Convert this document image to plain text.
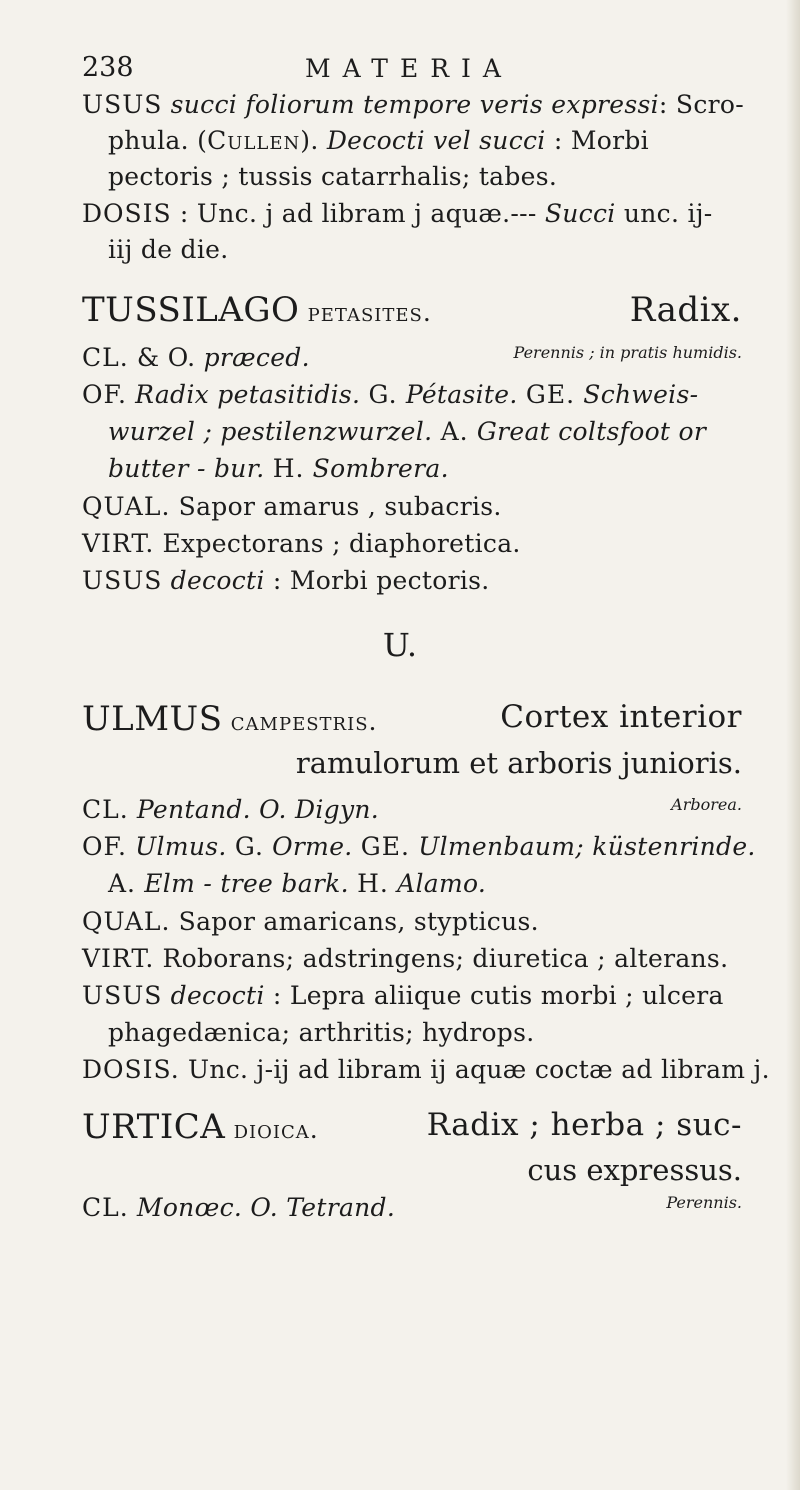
238	MATERIA
USUS succi foliorum tempore veris expressi: Scro-
phula. (Cullen). Decocti vel succi : Morbi
pectoris ; tussis catarrhalis; tabes.
DOSIS : Unc. j ad libram j aquæ.--- Succi unc. ij-
iij de die.
TUSSILAGO petasites.	Radix.
CL. & O. præced.	Perennis ; in pratis humidis.
OF. Radix petasitidis. G. Pétasite. GE. Schweis-
wurzel ; pestilenzwurzel. A. Great coltsfoot or
butter - bur. H. Sombrera.
QUAL. Sapor amarus , subacris.
VIRT. Expectorans ; diaphoretica.
USUS decocti : Morbi pectoris.
U.
ULMUS campestris.	Cortex interior
ramulorum et arboris junioris.
CL. Pentand. O. Digyn.	Arborea.
OF. Ulmus. G. Orme. GE. Ulmenbaum; küstenrinde.
A. Elm - tree bark. H. Alamo.
QUAL. Sapor amaricans, stypticus.
VIRT. Roborans; adstringens; diuretica ; alterans.
USUS decocti : Lepra aliique cutis morbi ; ulcera
phagedænica; arthritis; hydrops.
DOSIS. Unc. j-ij ad libram ij aquæ coctæ ad libram j.
URTICA dioica.	Radix ; herba ; suc-
cus expressus.
CL. Monœc. O. Tetrand.	Perennis.
